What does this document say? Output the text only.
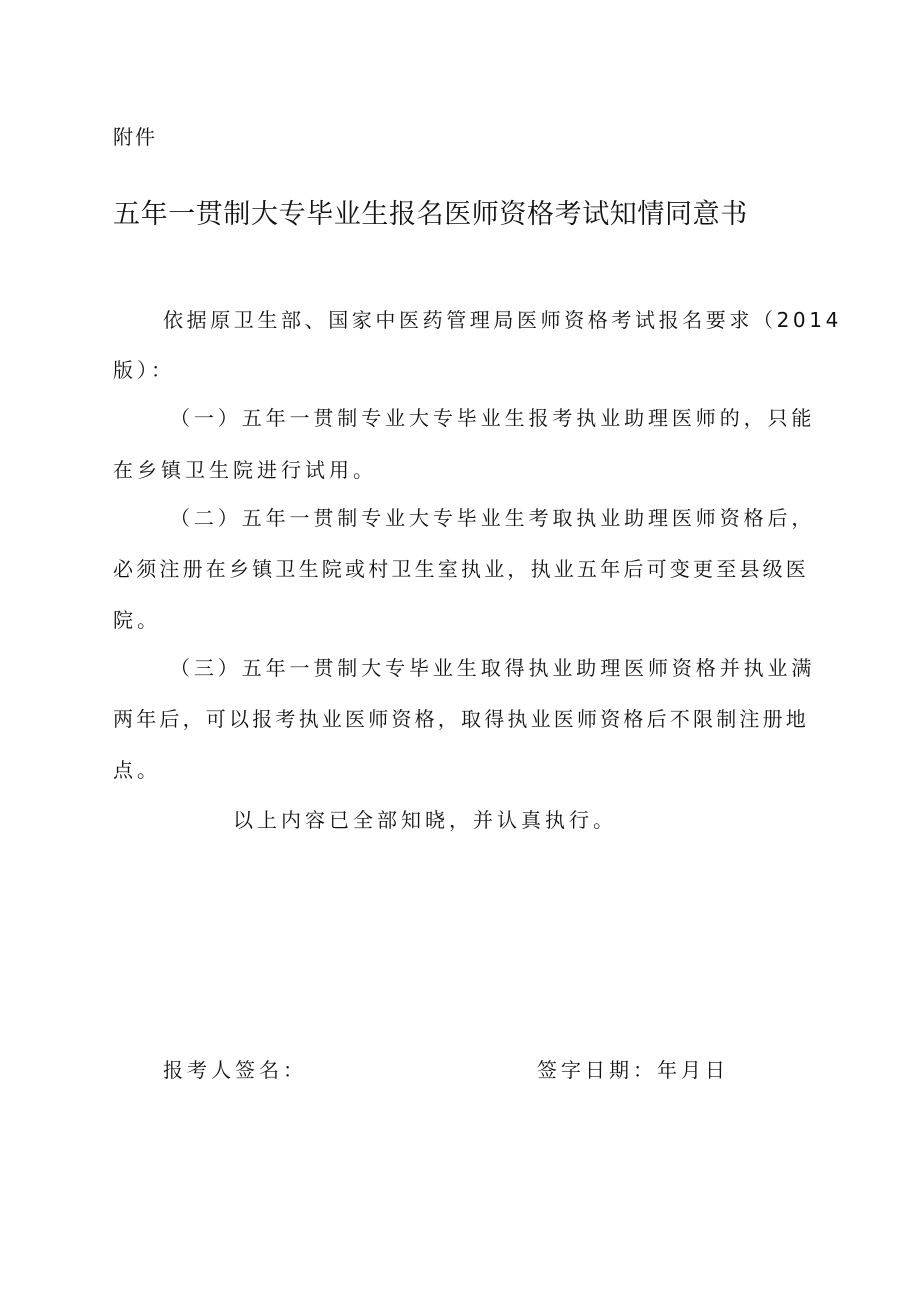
附件
五年一贯制大专毕业生报名医师资格考试知情同意书
依据原卫生部、国家中医药管理局医师资格考试报名要求（2014
版）：
（一）五年一贯制专业大专毕业生报考执业助理医师的，只能
在乡镇卫生院进行试用。
（二）五年一贯制专业大专毕业生考取执业助理医师资格后，
必须注册在乡镇卫生院或村卫生室执业，执业五年后可变更至县级医
院。
（三）五年一贯制大专毕业生取得执业助理医师资格并执业满
两年后，可以报考执业医师资格，取得执业医师资格后不限制注册地
点。
以上内容已全部知晓，并认真执行。
报考人签名：	签字日期：年月日
